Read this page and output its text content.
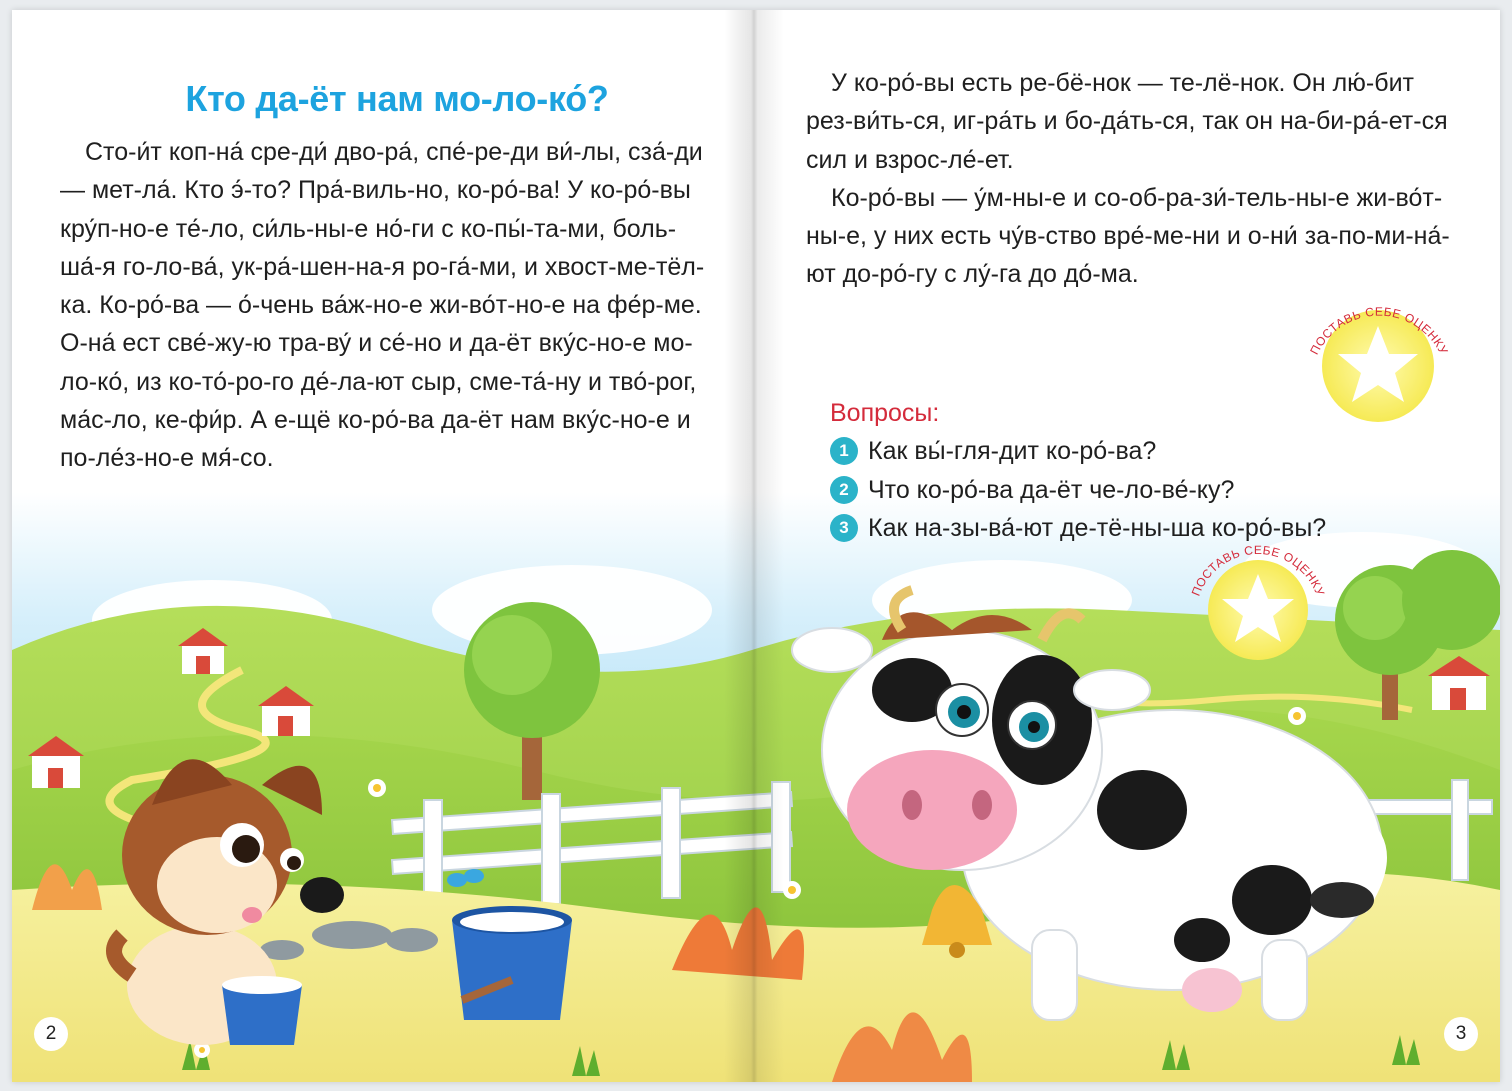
ПОСТАВЬ СЕБЕ ОЦЕНКУ
ПОСТАВЬ СЕБЕ ОЦЕНКУ
Кто да-ёт нам мо-ло-ко́?

Сто-и́т коп-на́ сре-ди́ дво-ра́, спе́-ре-ди ви́-лы, сза́-ди — мет-ла́. Кто э́-то? Пра́-виль-но, ко-ро́-ва! У ко-ро́-вы кру́п-но-е те́-ло, си́ль-ны-е но́-ги с ко-пы́-та-ми, боль-ша́-я го-ло-ва́, ук-ра́-шен-на-я ро-га́-ми, и хвост-ме-тёл-ка. Ко-ро́-ва — о́-чень ва́ж-но-е жи-во́т-но-е на фе́р-ме. О-на́ ест све́-жу-ю тра-ву́ и се́-но и да-ёт вку́с-но-е мо-ло-ко́, из ко-то́-ро-го де́-ла-ют сыр, сме-та́-ну и тво́-рог, ма́с-ло, ке-фи́р. А е-щё ко-ро́-ва да-ёт нам вку́с-но-е и по-ле́з-но-е мя́-со.

У ко-ро́-вы есть ре-бё-нок — те-лё-нок. Он лю́-бит рез-ви́ть-ся, иг-ра́ть и бо-да́ть-ся, так он на-би-ра́-ет-ся сил и взрос-ле́-ет.

Ко-ро́-вы — у́м-ны-е и со-об-ра-зи́-тель-ны-е жи-во́т-ны-е, у них есть чу́в-ство вре́-ме-ни и о-ни́ за-по-ми-на́-ют до-ро́-гу с лу́-га до до́-ма.

Вопросы:
1 Как вы́-гля-дит ко-ро́-ва?
2 Что ко-ро́-ва да-ёт че-ло-ве́-ку?
3 Как на-зы-ва́-ют де-тё-ны-ша ко-ро́-вы?
2	3
